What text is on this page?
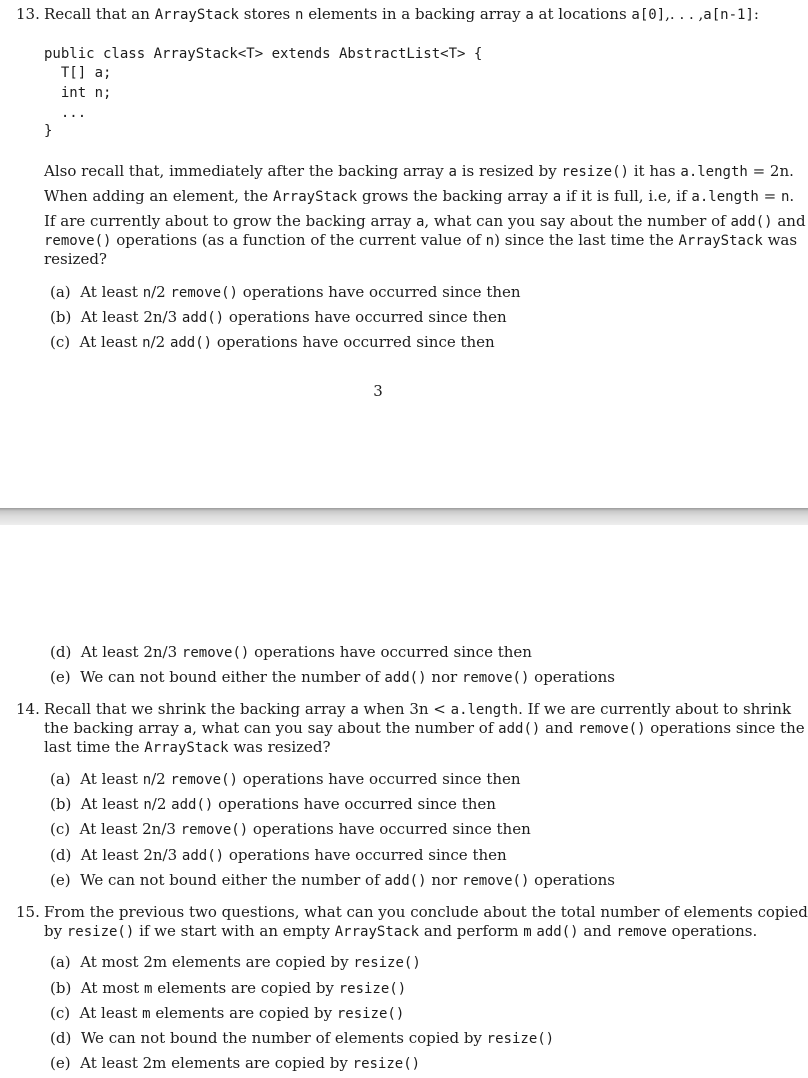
13. Recall that an ArrayStack stores n elements in a backing array a at locations a[0],. . . ,a[n-1]:
public class ArrayStack<T> extends AbstractList<T> {
T[] a;
int n;
...
}
Also recall that, immediately after the backing array a is resized by resize() it has a.length = 2n.
When adding an element, the ArrayStack grows the backing array a if it is full, i.e, if a.length = n.
If are currently about to grow the backing array a, what can you say about the number of add() and
remove() operations (as a function of the current value of n) since the last time the ArrayStack was
resized?
(a) At least n/2 remove() operations have occurred since then
(b) At least 2n/3 add() operations have occurred since then
(c) At least n/2 add() operations have occurred since then
3
(d) At least 2n/3 remove() operations have occurred since then
(e) We can not bound either the number of add() nor remove() operations
14. Recall that we shrink the backing array a when 3n < a.length. If we are currently about to shrink
the backing array a, what can you say about the number of add() and remove() operations since the
last time the ArrayStack was resized?
(a) At least n/2 remove() operations have occurred since then
(b) At least n/2 add() operations have occurred since then
(c) At least 2n/3 remove() operations have occurred since then
(d) At least 2n/3 add() operations have occurred since then
(e) We can not bound either the number of add() nor remove() operations
15. From the previous two questions, what can you conclude about the total number of elements copied
by resize() if we start with an empty ArrayStack and perform m add() and remove operations.
(a) At most 2m elements are copied by resize()
(b) At most m elements are copied by resize()
(c) At least m elements are copied by resize()
(d) We can not bound the number of elements copied by resize()
(e) At least 2m elements are copied by resize()
